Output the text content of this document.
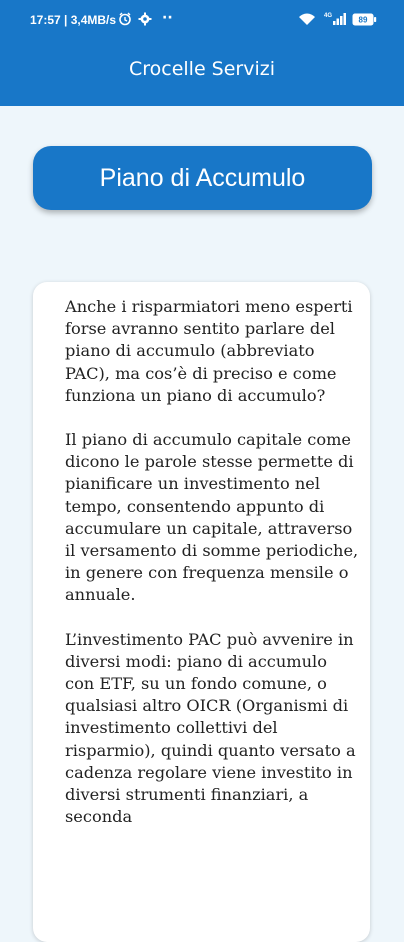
17:57 | 3,4MB/s	··	4G	89
Crocelle Servizi
Piano di Accumulo

Anche i risparmiatori meno esperti forse avranno sentito parlare del piano di accumulo (abbreviato PAC), ma cos’è di preciso e come funziona un piano di accumulo?

Il piano di accumulo capitale come dicono le parole stesse permette di pianificare un investimento nel tempo, consentendo appunto di accumulare un capitale, attraverso il versamento di somme periodiche, in genere con frequenza mensile o annuale.

L’investimento PAC può avvenire in diversi modi: piano di accumulo con ETF, su un fondo comune, o qualsiasi altro OICR (Organismi di investimento collettivi del risparmio), quindi quanto versato a cadenza regolare viene investito in diversi strumenti finanziari, a seconda
